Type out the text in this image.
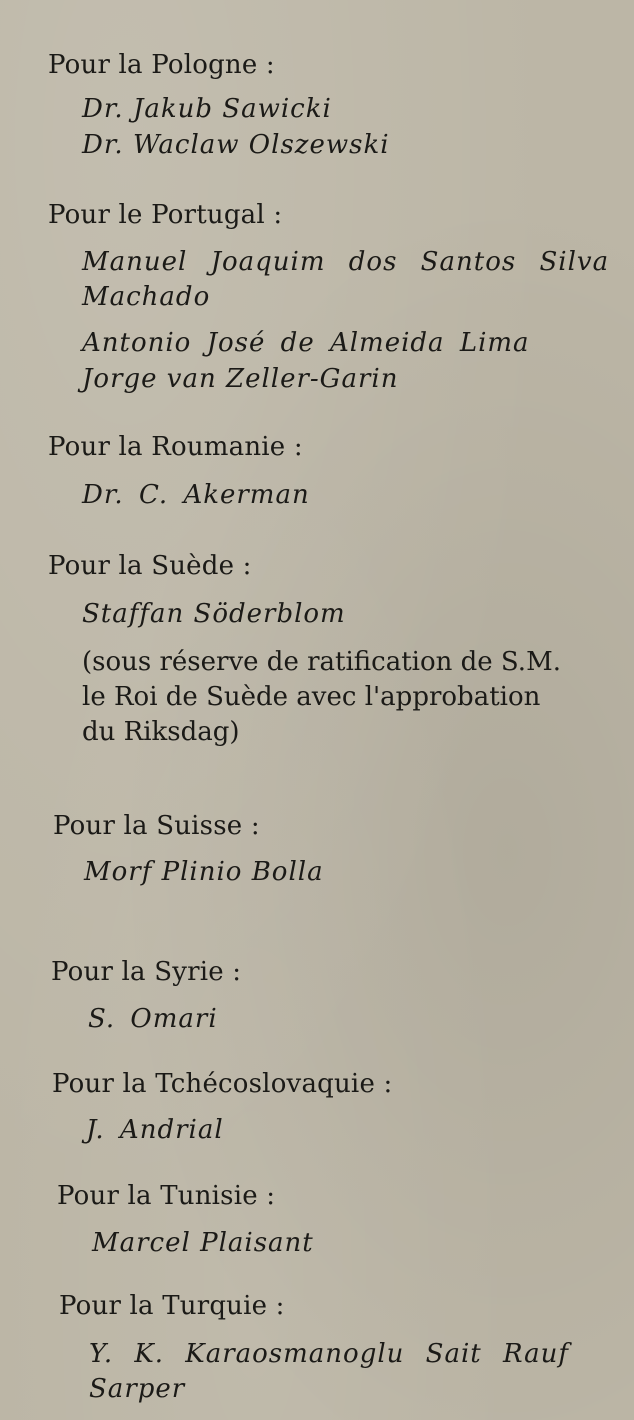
Pour la Pologne :
Dr. Jakub Sawicki
Dr. Waclaw Olszewski
Pour le Portugal :
Manuel Joaquim dos Santos Silva
Machado
Antonio José de Almeida Lima
Jorge van Zeller-Garin
Pour la Roumanie :
Dr. C. Akerman
Pour la Suède :
Staffan Söderblom
(sous réserve de ratification de S.M.
le Roi de Suède avec l'approbation
du Riksdag)
Pour la Suisse :
Morf Plinio Bolla
Pour la Syrie :
S. Omari
Pour la Tchécoslovaquie :
J. Andrial
Pour la Tunisie :
Marcel Plaisant
Pour la Turquie :
Y. K. Karaosmanoglu Sait Rauf
Sarper
